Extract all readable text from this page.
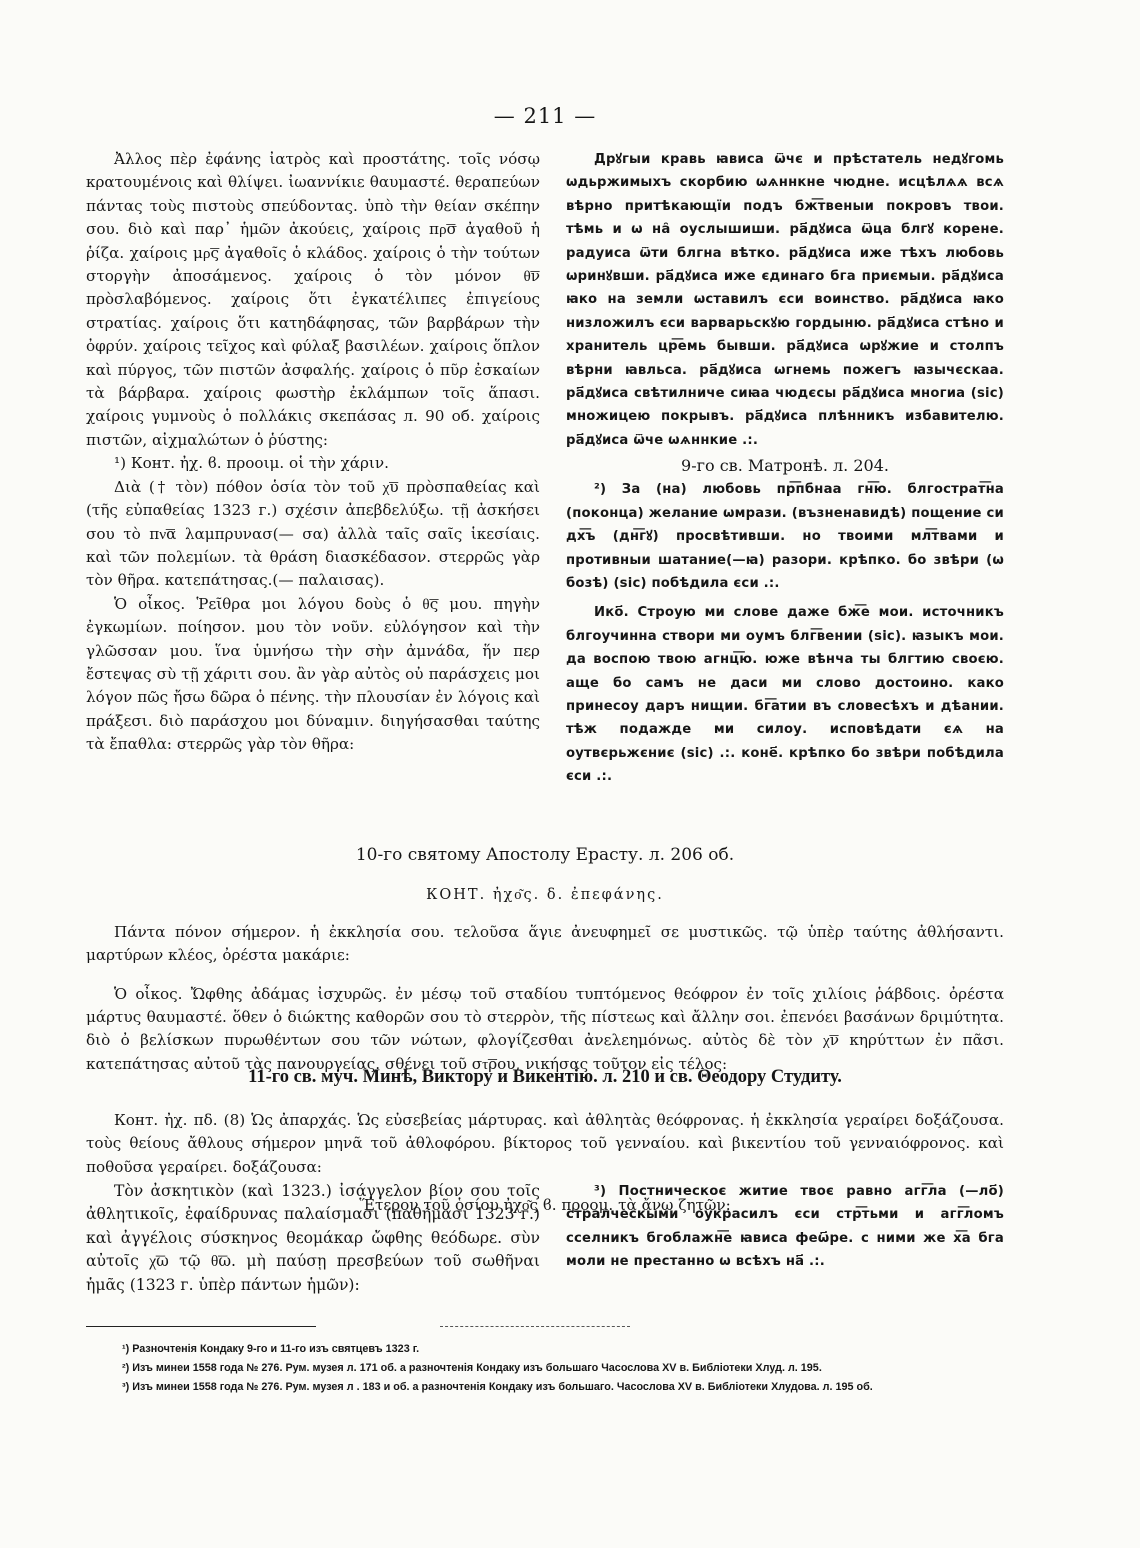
— 211 —

Ἀλλος πὲρ ἐφάνης ἰατρὸς καὶ προστάτης. τοῖς νόσῳ κρατουμένοις καὶ θλίψει. ἰωαννίκιε θαυμαστέ. θεραπεύων πάντας τοὺς πιστοὺς σπεύδοντας. ὑπὸ τὴν θείαν σκέπην σου. διὸ καὶ παρ᾽ ἡμῶν ἀκούεις, χαίροις πρ͞σ ἀγαθοῦ ἡ ῥίζα. χαίροις μρ͞ς ἀγαθοῖς ὁ κλάδος. χαίροις ὁ τὴν τούτων στοργὴν ἀποσάμενος. χαίροις ὁ τὸν μόνον θ͞ν πρὸσλαβόμενος. χαίροις ὅτι ἐγκατέλιπες ἐπιγείους στρατίας. χαίροις ὅτι κατηδάφησας, τῶν βαρβάρων τὴν ὀφρύν. χαίροις τεῖχος καὶ φύλαξ βασιλέων. χαίροις ὅπλον καὶ πύργος, τῶν πιστῶν ἀσφαλής. χαίροις ὁ πῦρ ἐσκαίων τὰ βάρβαρα. χαίροις φωστὴρ ἐκλάμπων τοῖς ἅπασι. χαίροις γυμνοὺς ὁ πολλάκις σκεπάσας л. 90 об. χαίροις πιστῶν, αἰχμαλώτων ὁ ῥύστης:

¹) Конт. ἠχ. ϐ. προοιμ. οἱ τὴν χάριν.

Διὰ († τὸν) πόθον ὁσία τὸν τοῦ χ͞υ πρὸσπαθείας καὶ (τῆς εὐπαθείας 1323 г.) σχέσιν ἀπεβδελύξω. τῇ ἀσκήσει σου τὸ πν͞α λαμπρυνασ(— σα) ἀλλὰ ταῖς σαῖς ἱκεσίαις. καὶ τῶν πολεμίων. τὰ θράση διασκέδασον. στερρῶς γὰρ τὸν θῆρα. κατεπάτησας.(— παλαισας).

Ὁ οἶκος. Ῥεῖθρα μοι λόγου δοὺς ὁ θ͞ς μου. πηγὴν ἐγκωμίων. ποίησον. μου τὸν νοῦν. εὐλόγησον καὶ τὴν γλῶσσαν μου. ἵνα ὑμνήσω τὴν σὴν ἀμνάδα, ἥν περ ἔστεψας σὺ τῇ χάριτι σου. ἂν γὰρ αὐτὸς οὐ παράσχεις μοι λόγον πῶς ἤσω δῶρα ὁ πένης. τὴν πλουσίαν ἐν λόγοις καὶ πράξεσι. διὸ παράσχου μοι δύναμιν. διηγήσασθαι ταύτης τὰ ἔπαθλα: στερρῶς γὰρ τὸν θῆρα:

Дрꙋгыи кравь ꙗвиса ѿчє и прѣстатель недꙋгомь ѡдьржимыхъ скорбию ѡѧннкне чюдне. исцѣлѧѧ всѧ вѣрно притѣкающїи подъ бж͞твеныи покровъ твои. тѣмь и ѡ на̑ оуслышиши. ра҃дꙋиса ѿца блгꙋ корене. радуиса ѿти блгна вѣтко. ра҃дꙋиса иже тѣхъ любовь ѡринꙋвши. ра҃дꙋиса иже єдинаго бга приємыи. ра҃дꙋиса ꙗко на земли ѡставилъ єси воинство. ра҃дꙋиса ꙗко низложилъ єси варварьскꙋю гордыню. ра҃дꙋиса стѣно и хранитель цр͞емь бывши. ра҃дꙋиса ѡрꙋжие и столпъ вѣрни ꙗвльса. ра҃дꙋиса ѡгнемь пожегъ ꙗзычєскаа. ра҃дꙋиса свѣтилниче сиꙗа чюдєсы ра҃дꙋиса многиа (sic) множицею покрывъ. ра҃дꙋиса плѣнникъ избавителю. ра҃дꙋиса ѿче ѡѧннкие .:.

9-го св. Матронѣ. л. 204.

²) За (на) любовь пр͞пбнаа гн͞ю. блгострат͞на (поконца) желание ѡмрази. (възненавидѣ) пощение си дх͞ъ (дн͞гꙋ) просвѣтивши. но твоими мл͞твами и противныи шатание(—ꙗ) разори. крѣпко. бо звѣри (ѡ бозѣ) (sic) побѣдила єси .:.

Ико҃. Строую ми слове даже бж͞е мои. источникъ блгоучинна створи ми оумъ блг͞вении (sic). ꙗзыкъ мои. да воспою твою агнц͞ю. юже вѣнча ты блгтию своєю. аще бо самъ не даси ми слово достоино. како принесоу даръ нищии. бг͞атии въ словесѣхъ и дѣании. тѣж подажде ми силоу. исповѣдати єѧ на оутвєрьжєниє (sic) .:. коне҃. крѣпко бо звѣри побѣдила єси .:.

10-го святому Апостолу Ерасту. л. 206 об.

КОНТ. ἠχο͂ς. δ. ἐπεφάνης.

Πάντα πόνον σήμερον. ἡ ἐκκλησία σου. τελοῦσα ἅγιε ἀνευφημεῖ σε μυστικῶς. τῷ ὑπὲρ ταύτης ἀθλήσαντι. μαρτύρων κλέος, ὀρέστα μακάριε:

Ὁ οἶκος. Ὤφθης ἀδάμας ἰσχυρῶς. ἐν μέσῳ τοῦ σταδίου τυπτόμενος θεόφρον ἐν τοῖς χιλίοις ῥάβδοις. ὀρέστα μάρτυς θαυμαστέ. ὅθεν ὁ διώκτης καθορῶν σου τὸ στερρὸν, τῆς πίστεως καὶ ἄλλην σοι. ἐπενόει βασάνων δριμύτητα. διὸ ὀ βελίσκων πυρωθέντων σου τῶν νώτων, φλογίζεσθαι ἀνελεημόνως. αὐτὸς δὲ τὸν χ͞ν κηρύττων ἐν πᾶσι. κατεπάτησας αὐτοῦ τὰς πανουργείας. σθένει τοῦ στ͞ρου, νικήσας τοῦτον εἰς τέλος:

11-го св. муч. Минѣ, Виктору и Викентію. л. 210 и св. Θеодору Студиту.

Конт. ἠχ. πδ. (8) Ὡς ἀπαρχάς. Ὡς εὐσεβείας μάρτυρας. καὶ ἀθλητὰς θεόφρονας. ἡ ἐκκλησία γεραίρει δοξάζουσα. τοὺς θείους ἄθλους σήμερον μηνᾶ τοῦ ἀθλοφόρου. βίκτορος τοῦ γενναίου. καὶ βικεντίου τοῦ γενναιόφρονος. καὶ ποθοῦσα γεραίρει. δοξάζουσα:

Ἕτερον τοῦ ὁσίου ἠχο͂ς ϐ. προομ. τὰ ἄνω ζητῶν:

Τὸν ἀσκητικὸν (καὶ 1323.) ἰσάγγελον βίον σου τοῖς ἀθλητικοῖς, ἐφαίδρυνας παλαίσμασι (παθήμασι 1323 г.) καὶ ἀγγέλοις σύσκηνος θεομάκαρ ὤφθης θεόδωρε. σὺν αὐτοῖς χ͞ω τῷ θ͞ω. μὴ παύσῃ πρεσβεύων τοῦ σωθῆναι ἡμᾶς (1323 г. ὑπὲρ πάντων ἡμῶν):

³) Постническоє житие твоє равно агг͞ла (—ло҃) стралческыми оукрасилъ єси стр͞тьми и агг͞ломъ сселникъ бгоблажн͞е ꙗвиса феѡ҃ре. с ними же х͞а бга моли не престанно ѡ всѣхъ на҃ .:.

¹) Разночтенія Кондаку 9-го и 11-го изъ святцевъ 1323 г.

²) Изъ минеи 1558 года № 276. Рум. музея л. 171 об. а разночтенія Кондаку изъ большаго Часослова XV в. Библіотеки Хлуд. л. 195.

³) Изъ минеи 1558 года № 276. Рум. музея л . 183 и об. а разночтенія Кондаку изъ большаго. Часослова XV в. Библіотеки Хлудова. л. 195 об.
